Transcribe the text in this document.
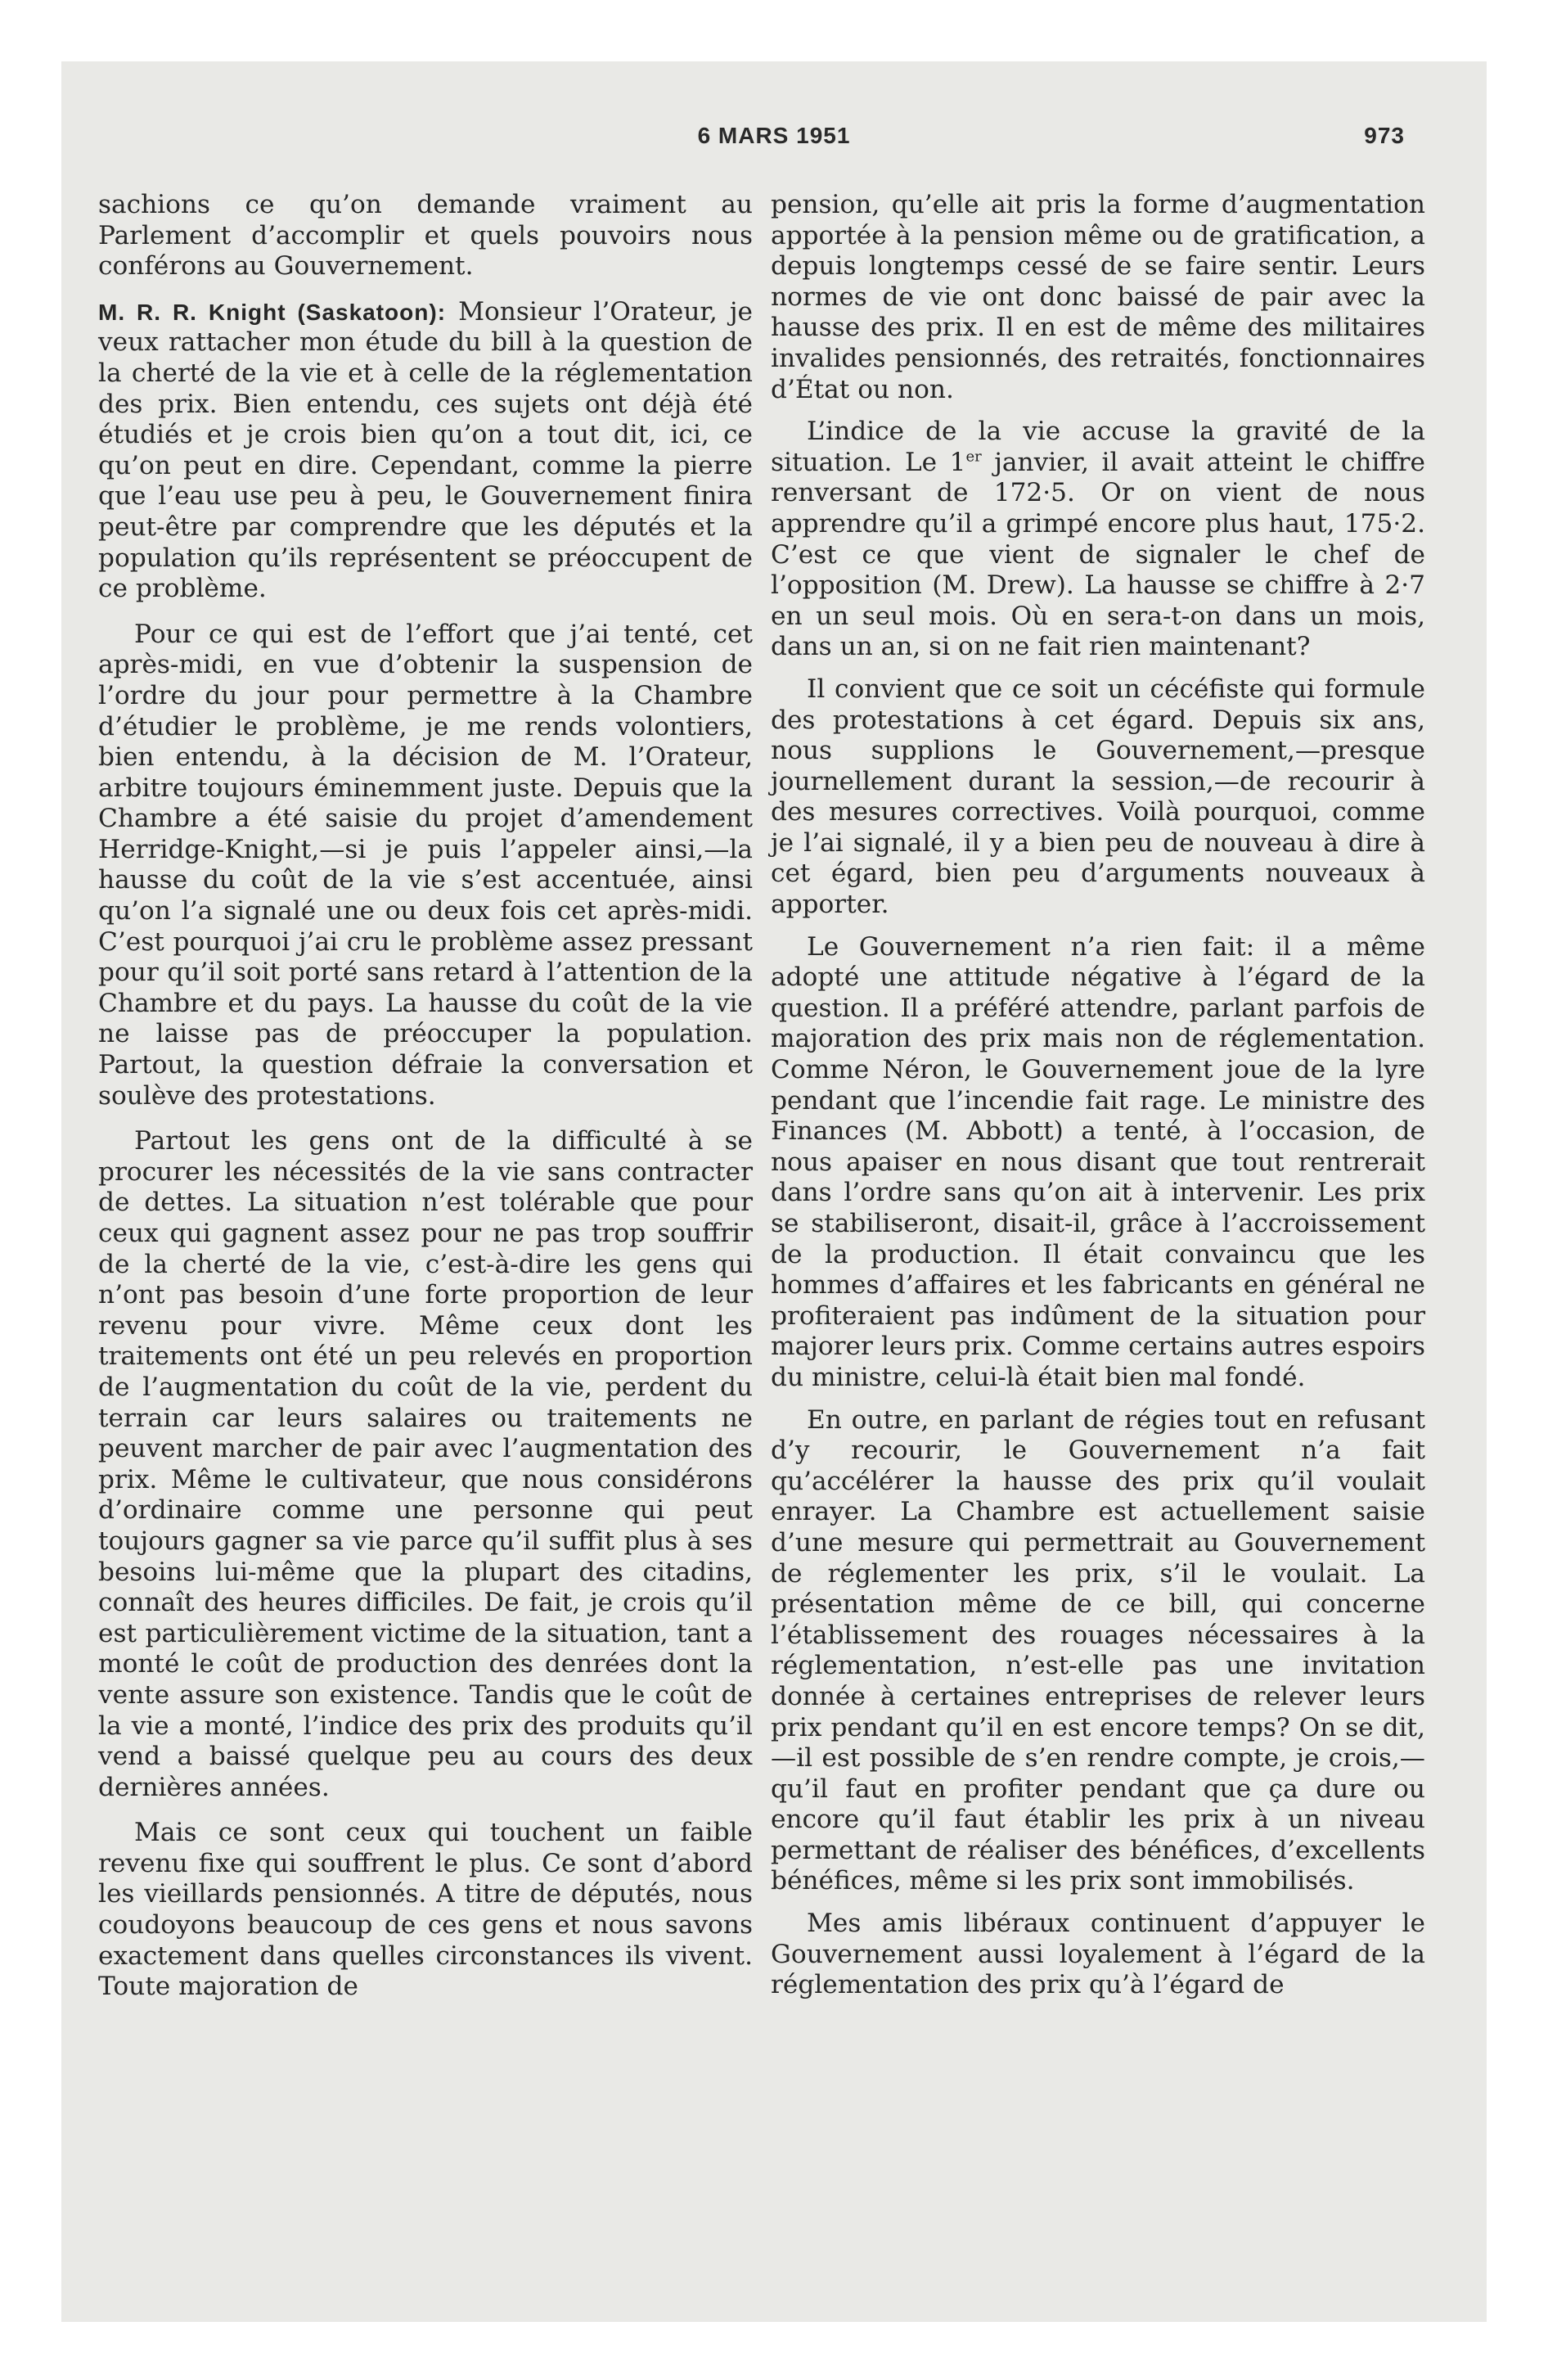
6 MARS 1951	973

sachions ce qu’on demande vraiment au Parlement d’accomplir et quels pouvoirs nous conférons au Gouvernement.

M. R. R. Knight (Saskatoon): Monsieur l’Orateur, je veux rattacher mon étude du bill à la question de la cherté de la vie et à celle de la réglementation des prix. Bien entendu, ces sujets ont déjà été étudiés et je crois bien qu’on a tout dit, ici, ce qu’on peut en dire. Cependant, comme la pierre que l’eau use peu à peu, le Gouvernement finira peut-être par comprendre que les députés et la population qu’ils représentent se préoccupent de ce problème.

Pour ce qui est de l’effort que j’ai tenté, cet après-midi, en vue d’obtenir la suspension de l’ordre du jour pour permettre à la Chambre d’étudier le problème, je me rends volontiers, bien entendu, à la décision de M. l’Orateur, arbitre toujours éminemment juste. Depuis que la Chambre a été saisie du projet d’amendement Herridge-Knight,—si je puis l’appeler ainsi,—la hausse du coût de la vie s’est accentuée, ainsi qu’on l’a signalé une ou deux fois cet après-midi. C’est pourquoi j’ai cru le problème assez pressant pour qu’il soit porté sans retard à l’attention de la Chambre et du pays. La hausse du coût de la vie ne laisse pas de préoccuper la population. Partout, la question défraie la conversation et soulève des protestations.

Partout les gens ont de la difficulté à se procurer les nécessités de la vie sans contracter de dettes. La situation n’est tolérable que pour ceux qui gagnent assez pour ne pas trop souffrir de la cherté de la vie, c’est-à-dire les gens qui n’ont pas besoin d’une forte proportion de leur revenu pour vivre. Même ceux dont les traitements ont été un peu relevés en proportion de l’augmentation du coût de la vie, perdent du terrain car leurs salaires ou traitements ne peuvent marcher de pair avec l’augmentation des prix. Même le cultivateur, que nous considérons d’ordinaire comme une personne qui peut toujours gagner sa vie parce qu’il suffit plus à ses besoins lui-même que la plupart des citadins, connaît des heures difficiles. De fait, je crois qu’il est particulièrement victime de la situation, tant a monté le coût de production des denrées dont la vente assure son existence. Tandis que le coût de la vie a monté, l’indice des prix des produits qu’il vend a baissé quelque peu au cours des deux dernières années.

Mais ce sont ceux qui touchent un faible revenu fixe qui souffrent le plus. Ce sont d’abord les vieillards pensionnés. A titre de députés, nous coudoyons beaucoup de ces gens et nous savons exactement dans quelles circonstances ils vivent. Toute majoration de

pension, qu’elle ait pris la forme d’augmentation apportée à la pension même ou de gratification, a depuis longtemps cessé de se faire sentir. Leurs normes de vie ont donc baissé de pair avec la hausse des prix. Il en est de même des militaires invalides pensionnés, des retraités, fonctionnaires d’État ou non.

L’indice de la vie accuse la gravité de la situation. Le 1er janvier, il avait atteint le chiffre renversant de 172·5. Or on vient de nous apprendre qu’il a grimpé encore plus haut, 175·2. C’est ce que vient de signaler le chef de l’opposition (M. Drew). La hausse se chiffre à 2·7 en un seul mois. Où en sera-t-on dans un mois, dans un an, si on ne fait rien maintenant?

Il convient que ce soit un cécéfiste qui formule des protestations à cet égard. Depuis six ans, nous supplions le Gouvernement,—presque journellement durant la session,—de recourir à des mesures correctives. Voilà pourquoi, comme je l’ai signalé, il y a bien peu de nouveau à dire à cet égard, bien peu d’arguments nouveaux à apporter.

Le Gouvernement n’a rien fait: il a même adopté une attitude négative à l’égard de la question. Il a préféré attendre, parlant parfois de majoration des prix mais non de réglementation. Comme Néron, le Gouvernement joue de la lyre pendant que l’incendie fait rage. Le ministre des Finances (M. Abbott) a tenté, à l’occasion, de nous apaiser en nous disant que tout rentrerait dans l’ordre sans qu’on ait à intervenir. Les prix se stabiliseront, disait-il, grâce à l’accroissement de la production. Il était convaincu que les hommes d’affaires et les fabricants en général ne profiteraient pas indûment de la situation pour majorer leurs prix. Comme certains autres espoirs du ministre, celui-là était bien mal fondé.

En outre, en parlant de régies tout en refusant d’y recourir, le Gouvernement n’a fait qu’accélérer la hausse des prix qu’il voulait enrayer. La Chambre est actuellement saisie d’une mesure qui permettrait au Gouvernement de réglementer les prix, s’il le voulait. La présentation même de ce bill, qui concerne l’établissement des rouages nécessaires à la réglementation, n’est-elle pas une invitation donnée à certaines entreprises de relever leurs prix pendant qu’il en est encore temps? On se dit,—il est possible de s’en rendre compte, je crois,—qu’il faut en profiter pendant que ça dure ou encore qu’il faut établir les prix à un niveau permettant de réaliser des bénéfices, d’excellents bénéfices, même si les prix sont immobilisés.

Mes amis libéraux continuent d’appuyer le Gouvernement aussi loyalement à l’égard de la réglementation des prix qu’à l’égard de
